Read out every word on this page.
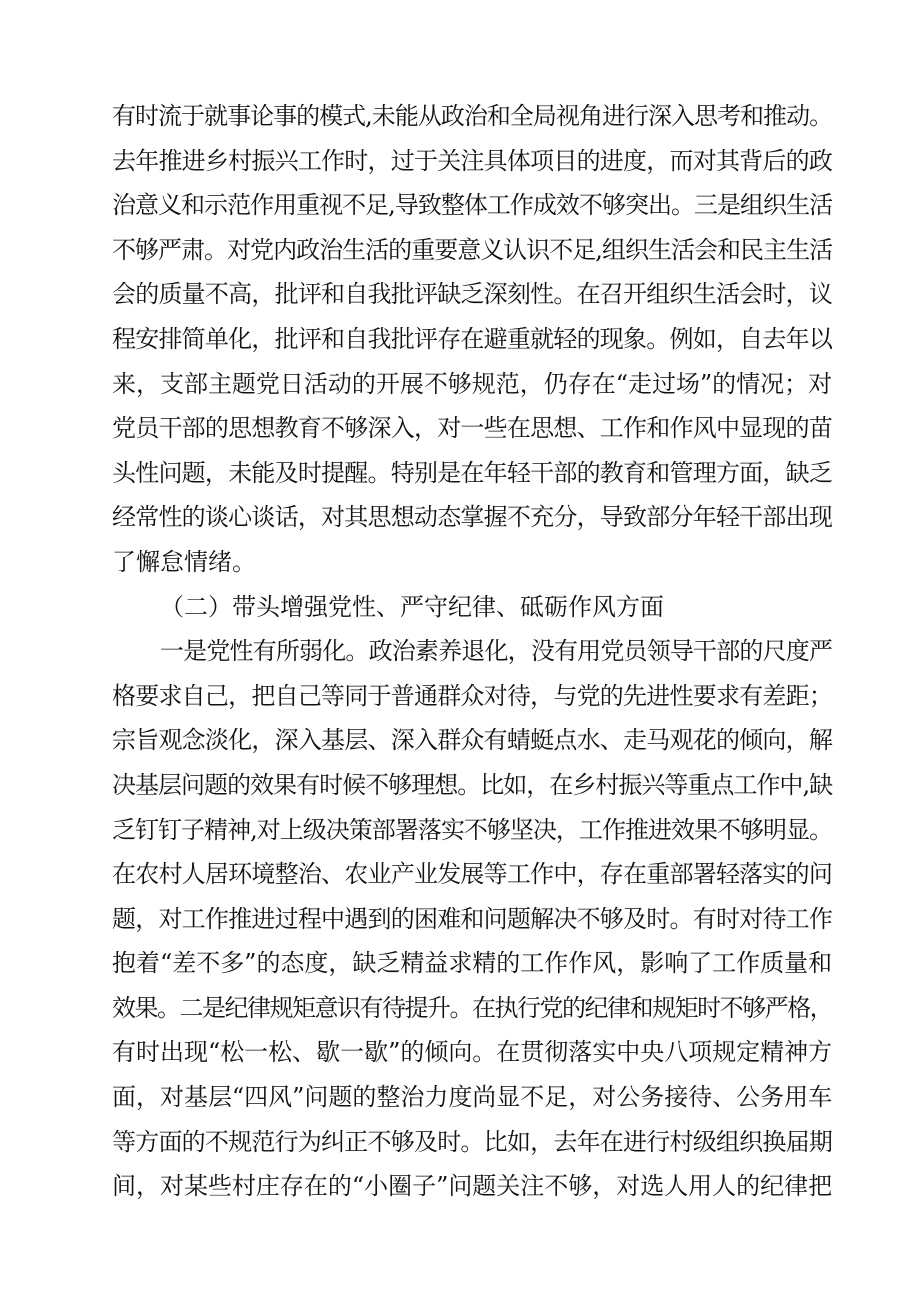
有时流于就事论事的模式,未能从政治和全局视角进行深入思考和推动。
去年推进乡村振兴工作时，过于关注具体项目的进度，而对其背后的政
治意义和示范作用重视不足,导致整体工作成效不够突出。三是组织生活
不够严肃。对党内政治生活的重要意义认识不足,组织生活会和民主生活
会的质量不高，批评和自我批评缺乏深刻性。在召开组织生活会时，议
程安排简单化，批评和自我批评存在避重就轻的现象。例如，自去年以
来，支部主题党日活动的开展不够规范，仍存在“走过场”的情况；对
党员干部的思想教育不够深入，对一些在思想、工作和作风中显现的苗
头性问题，未能及时提醒。特别是在年轻干部的教育和管理方面，缺乏
经常性的谈心谈话，对其思想动态掌握不充分，导致部分年轻干部出现
了懈怠情绪。
（二）带头增强党性、严守纪律、砥砺作风方面
一是党性有所弱化。政治素养退化，没有用党员领导干部的尺度严
格要求自己，把自己等同于普通群众对待，与党的先进性要求有差距；
宗旨观念淡化，深入基层、深入群众有蜻蜓点水、走马观花的倾向，解
决基层问题的效果有时候不够理想。比如，在乡村振兴等重点工作中,缺
乏钉钉子精神,对上级决策部署落实不够坚决，工作推进效果不够明显。
在农村人居环境整治、农业产业发展等工作中，存在重部署轻落实的问
题，对工作推进过程中遇到的困难和问题解决不够及时。有时对待工作
抱着“差不多”的态度，缺乏精益求精的工作作风，影响了工作质量和
效果。二是纪律规矩意识有待提升。在执行党的纪律和规矩时不够严格，
有时出现“松一松、歇一歇”的倾向。在贯彻落实中央八项规定精神方
面，对基层“四风”问题的整治力度尚显不足，对公务接待、公务用车
等方面的不规范行为纠正不够及时。比如，去年在进行村级组织换届期
间，对某些村庄存在的“小圈子”问题关注不够，对选人用人的纪律把
